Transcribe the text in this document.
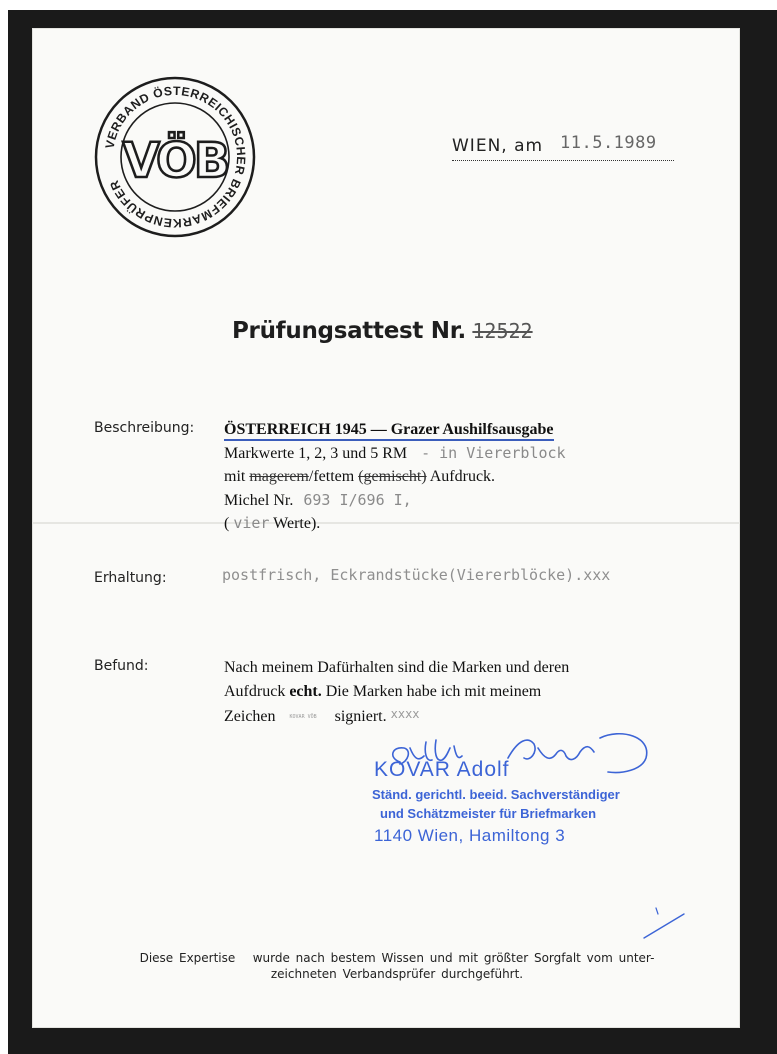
VERBAND ÖSTERREICHISCHER BRIEFMARKENPRÜFER VÖB	WIEN, am 11.5.1989
Prüfungsattest Nr. 12522
Beschreibung: ÖSTERREICH 1945 — Grazer Aushilfsausgabe
Markwerte 1, 2, 3 und 5 RM - in Viererblock
mit magerem/fettem (gemischt) Aufdruck.
Michel Nr. 693 I/696 I,
( vier Werte).
Erhaltung:	postfrisch, Eckrandstücke(Viererblöcke).xxx
Befund:	Nach meinem Dafürhalten sind die Marken und deren
Aufdruck echt. Die Marken habe ich mit meinem
Zeichen	KOVAR VÖB signiert. xxxx
KOVAR Adolf
Ständ. gerichtl. beeid. Sachverständiger
und Schätzmeister für Briefmarken
1140 Wien, Hamiltong 3
Diese Expertise   wurde nach bestem Wissen und mit größter Sorgfalt vom unter-
zeichneten Verbandsprüfer durchgeführt.
